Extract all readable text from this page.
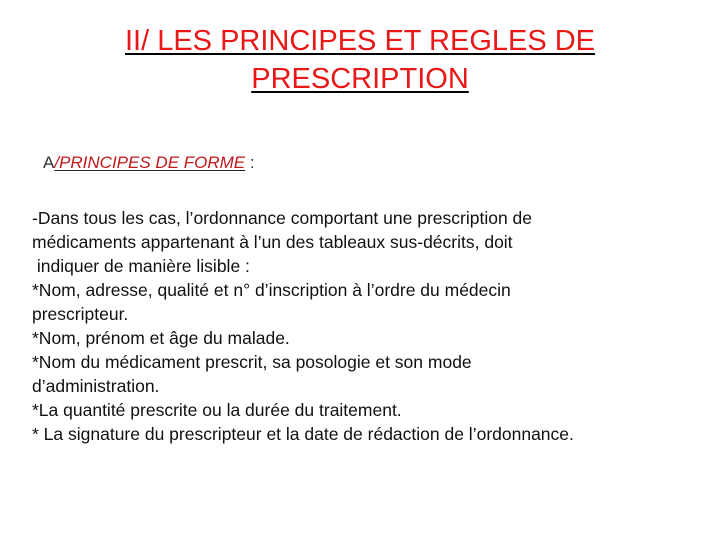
II/ LES PRINCIPES ET REGLES DE
PRESCRIPTION
A/PRINCIPES DE FORME :
-Dans tous les cas, l’ordonnance comportant une prescription de
médicaments appartenant à l’un des tableaux sus-décrits, doit
indiquer de manière lisible :
*Nom, adresse, qualité et n° d’inscription à l’ordre du médecin
prescripteur.
*Nom, prénom et âge du malade.
*Nom du médicament prescrit, sa posologie et son mode
d’administration.
*La quantité prescrite ou la durée du traitement.
* La signature du prescripteur et la date de rédaction de l’ordonnance.
